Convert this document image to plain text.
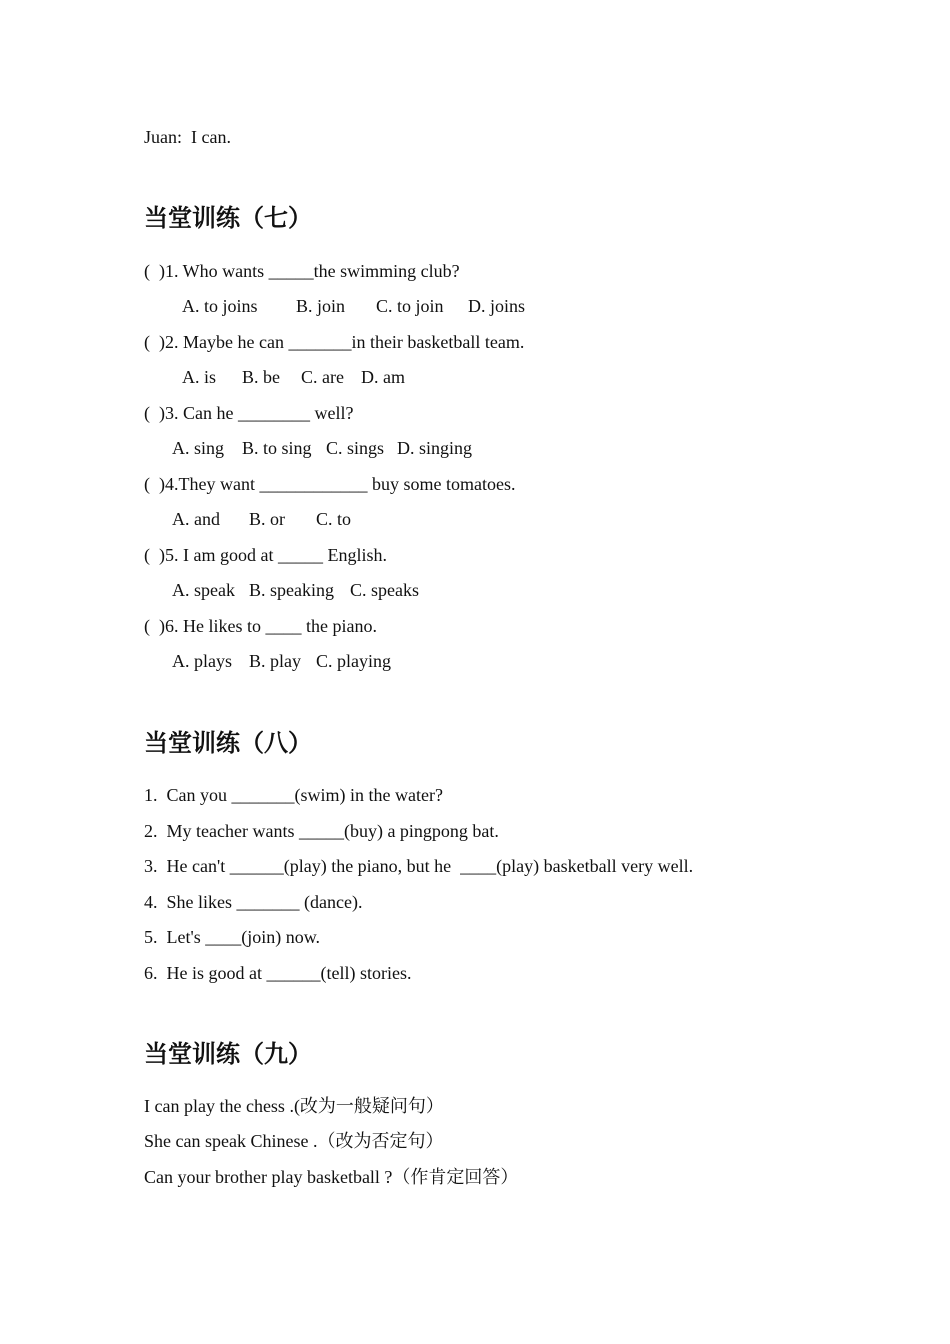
Juan:  I can.
当堂训练（七）
(  )1. Who wants _____the swimming club?
A. to joins B. join C. to join D. joins
(  )2. Maybe he can _______in their basketball team.
A. is B. be C. are D. am
(  )3. Can he ________ well?
A. sing B. to sing C. sings D. singing
(  )4.They want ____________ buy some tomatoes.
A. and B. or C. to
(  )5. I am good at _____ English.
A. speak B. speaking C. speaks
(  )6. He likes to ____ the piano.
A. plays B. play C. playing
当堂训练（八）
1.  Can you _______(swim) in the water?
2.  My teacher wants _____(buy) a pingpong bat.
3.  He can't ______(play) the piano, but he  ____(play) basketball very well.
4.  She likes _______ (dance).
5.  Let's ____(join) now.
6.  He is good at ______(tell) stories.
当堂训练（九）
I can play the chess .(改为一般疑问句）
She can speak Chinese .（改为否定句）
Can your brother play basketball ?（作肯定回答）
